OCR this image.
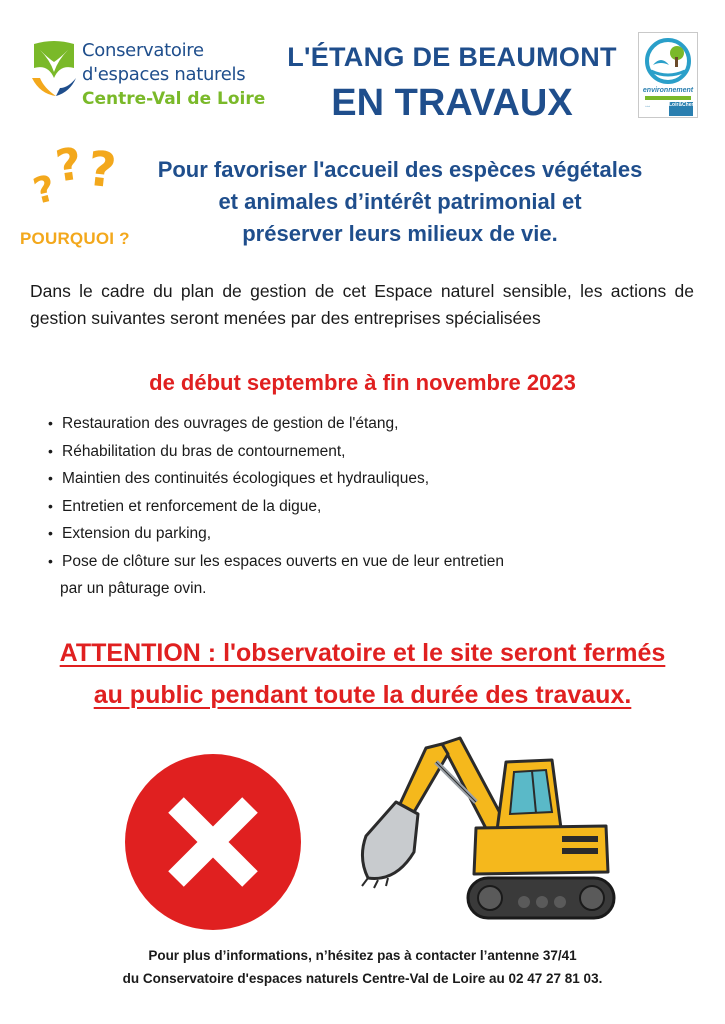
Conservatoire
d'espaces naturels
Centre-Val de Loire
L'ÉTANG DE BEAUMONT
EN TRAVAUX	environnement
◦◦◦	Loir&Cher
?
? ?
POURQUOI ?
Pour favoriser l'accueil des espèces végétales
et animales d’intérêt patrimonial et
préserver leurs milieux de vie.

Dans le cadre du plan de gestion de cet Espace naturel sensible, les actions de gestion suivantes seront menées par des entreprises spécialisées

de début septembre à fin novembre 2023
• Restauration des ouvrages de gestion de l'étang,
• Réhabilitation du bras de contournement,
• Maintien des continuités écologiques et hydrauliques,
• Entretien et renforcement de la digue,
• Extension du parking,
• Pose de clôture sur les espaces ouverts en vue de leur entretien
par un pâturage ovin.
ATTENTION : l'observatoire et le site seront fermés
au public pendant toute la durée des travaux.
Pour plus d’informations, n’hésitez pas à contacter l’antenne 37/41
du Conservatoire d'espaces naturels Centre-Val de Loire au 02 47 27 81 03.
